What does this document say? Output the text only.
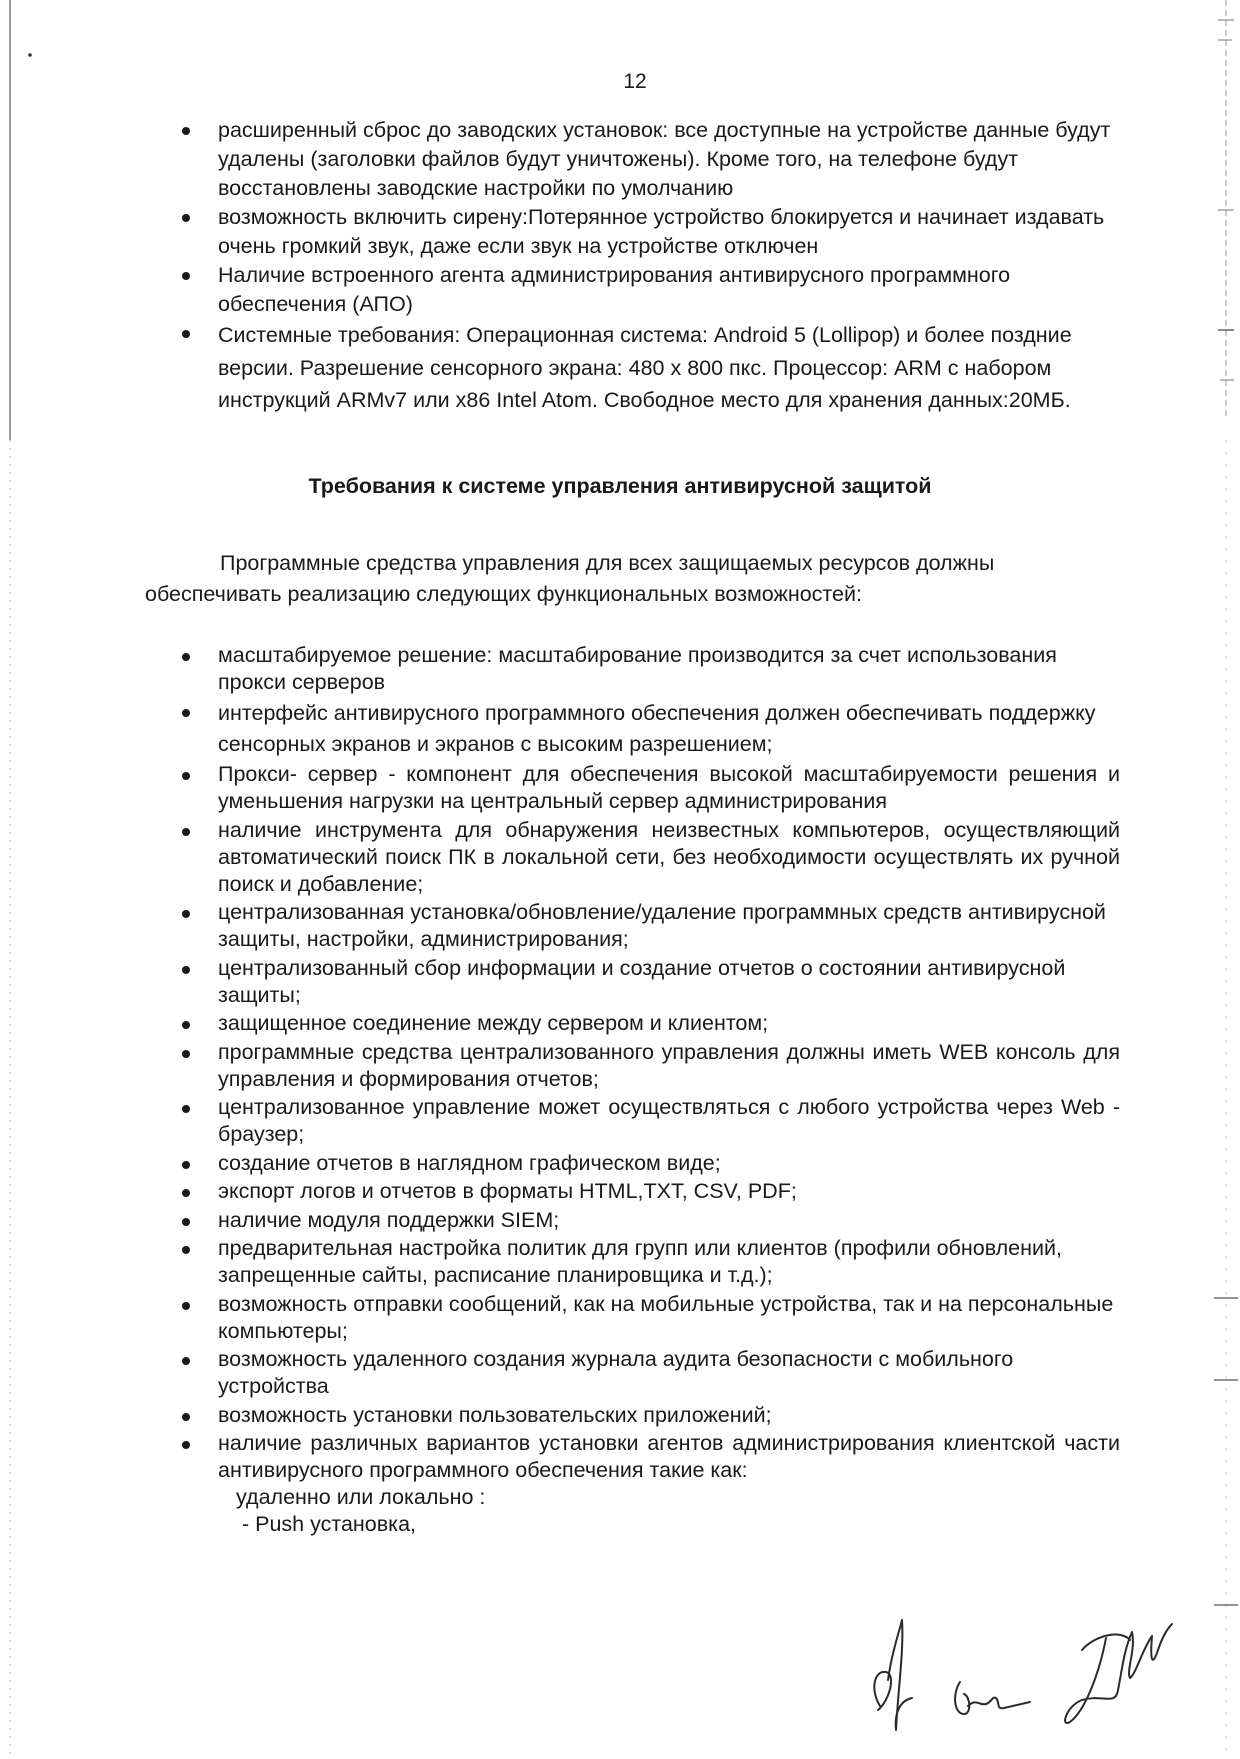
12
расширенный сброс до заводских установок: все доступные на устройстве данные будут удалены (заголовки файлов будут уничтожены). Кроме того, на телефоне будут восстановлены заводские настройки по умолчанию
возможность включить сирену:Потерянное устройство блокируется и начинает издавать очень громкий звук, даже если звук на устройстве отключен
Наличие встроенного агента администрирования антивирусного программного обеспечения (АПО)
Системные требования: Операционная система: Android 5 (Lollipop) и более поздние версии. Разрешение сенсорного экрана: 480 х 800 пкс. Процессор: ARM с набором инструкций ARMv7 или x86 Intel Atom. Свободное место для хранения данных:20МБ.
Требования к системе управления антивирусной защитой
Программные средства управления для всех защищаемых ресурсов должны обеспечивать реализацию следующих функциональных возможностей:
масштабируемое решение: масштабирование производится за счет использования прокси серверов
интерфейс антивирусного программного обеспечения должен обеспечивать поддержку сенсорных экранов и экранов с высоким разрешением;
Прокси- сервер - компонент для обеспечения высокой масштабируемости решения и уменьшения нагрузки на центральный сервер администрирования
наличие инструмента для обнаружения неизвестных компьютеров, осуществляющий автоматический поиск ПК в локальной сети, без необходимости осуществлять их ручной поиск и добавление;
централизованная установка/обновление/удаление программных средств антивирусной защиты, настройки, администрирования;
централизованный сбор информации и создание отчетов о состоянии антивирусной защиты;
защищенное соединение между сервером и клиентом;
программные средства централизованного управления должны иметь WEB консоль для управления и формирования отчетов;
централизованное управление может осуществляться с любого устройства через Web - браузер;
создание отчетов в наглядном графическом виде;
экспорт логов и отчетов в форматы HTML,TXT, CSV, PDF;
наличие модуля поддержки SIEM;
предварительная настройка политик для групп или клиентов (профили обновлений, запрещенные сайты, расписание планировщика и т.д.);
возможность отправки сообщений, как на мобильные устройства, так и на персональные компьютеры;
возможность удаленного создания журнала аудита безопасности с мобильного устройства
возможность установки пользовательских приложений;
наличие различных вариантов установки агентов администрирования клиентской части антивирусного программного обеспечения такие как:
удаленно или локально :
- Push установка,
